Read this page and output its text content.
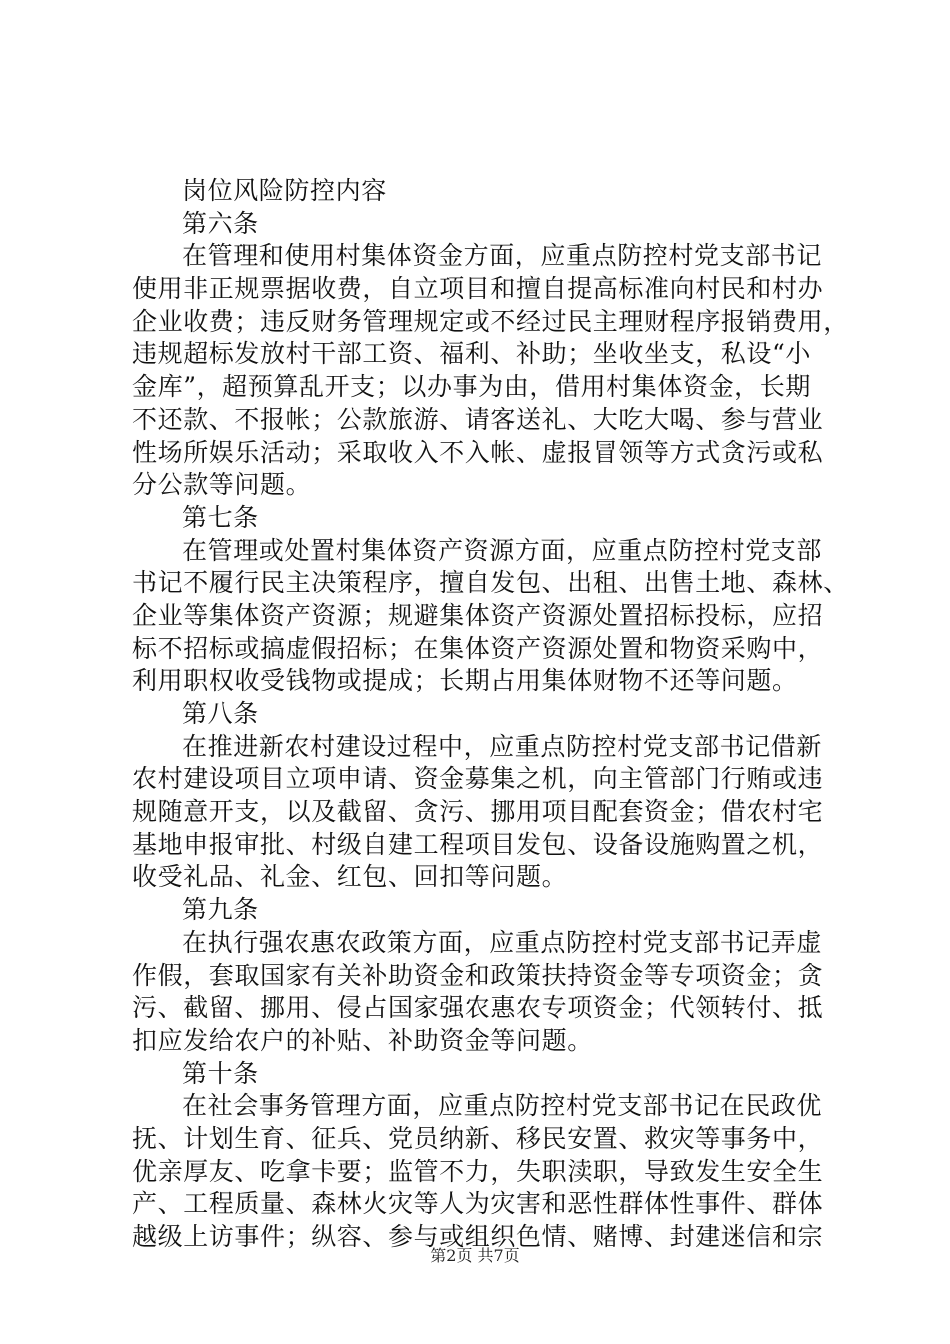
岗位风险防控内容
第六条
在管理和使用村集体资金方面，应重点防控村党支部书记
使用非正规票据收费，自立项目和擅自提高标准向村民和村办
企业收费；违反财务管理规定或不经过民主理财程序报销费用，
违规超标发放村干部工资、福利、补助；坐收坐支，私设“小
金库”，超预算乱开支；以办事为由，借用村集体资金，长期
不还款、不报帐；公款旅游、请客送礼、大吃大喝、参与营业
性场所娱乐活动；采取收入不入帐、虚报冒领等方式贪污或私
分公款等问题。
第七条
在管理或处置村集体资产资源方面，应重点防控村党支部
书记不履行民主决策程序，擅自发包、出租、出售土地、森林、
企业等集体资产资源；规避集体资产资源处置招标投标，应招
标不招标或搞虚假招标；在集体资产资源处置和物资采购中，
利用职权收受钱物或提成；长期占用集体财物不还等问题。
第八条
在推进新农村建设过程中，应重点防控村党支部书记借新
农村建设项目立项申请、资金募集之机，向主管部门行贿或违
规随意开支，以及截留、贪污、挪用项目配套资金；借农村宅
基地申报审批、村级自建工程项目发包、设备设施购置之机，
收受礼品、礼金、红包、回扣等问题。
第九条
在执行强农惠农政策方面，应重点防控村党支部书记弄虚
作假，套取国家有关补助资金和政策扶持资金等专项资金；贪
污、截留、挪用、侵占国家强农惠农专项资金；代领转付、抵
扣应发给农户的补贴、补助资金等问题。
第十条
在社会事务管理方面，应重点防控村党支部书记在民政优
抚、计划生育、征兵、党员纳新、移民安置、救灾等事务中，
优亲厚友、吃拿卡要；监管不力，失职渎职，导致发生安全生
产、工程质量、森林火灾等人为灾害和恶性群体性事件、群体
越级上访事件；纵容、参与或组织色情、赌博、封建迷信和宗
第2页 共7页
